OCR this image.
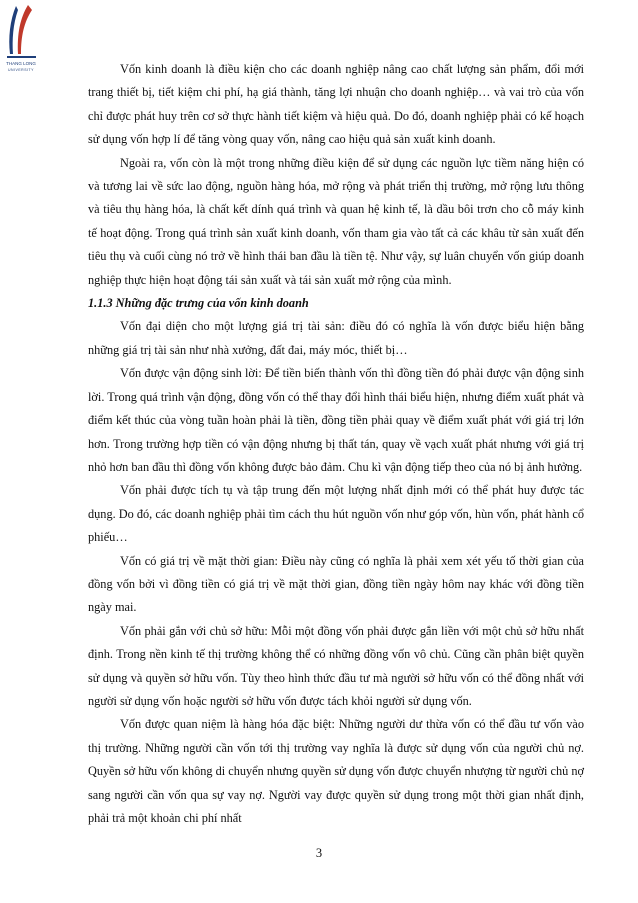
THANG LONG
UNIVERSITY	Vốn kinh doanh là điều kiện cho các doanh nghiệp nâng cao chất lượng sản phẩm, đổi mới trang thiết bị, tiết kiệm chi phí, hạ giá thành, tăng lợi nhuận cho doanh nghiệp… và vai trò của vốn chỉ được phát huy trên cơ sở thực hành tiết kiệm và hiệu quả. Do đó, doanh nghiệp phải có kế hoạch sử dụng vốn hợp lí để tăng vòng quay vốn, nâng cao hiệu quả sản xuất kinh doanh.

Ngoài ra, vốn còn là một trong những điều kiện để sử dụng các nguồn lực tiềm năng hiện có và tương lai về sức lao động, nguồn hàng hóa, mở rộng và phát triển thị trường, mở rộng lưu thông và tiêu thụ hàng hóa, là chất kết dính quá trình và quan hệ kinh tế, là dầu bôi trơn cho cỗ máy kinh tế hoạt động. Trong quá trình sản xuất kinh doanh, vốn tham gia vào tất cả các khâu từ sản xuất đến tiêu thụ và cuối cùng nó trở về hình thái ban đầu là tiền tệ. Như vậy, sự luân chuyển vốn giúp doanh nghiệp thực hiện hoạt động tái sản xuất và tái sản xuất mở rộng của mình.

1.1.3 Những đặc trưng của vốn kinh doanh

Vốn đại diện cho một lượng giá trị tài sản: điều đó có nghĩa là vốn được biểu hiện bằng những giá trị tài sản như nhà xưởng, đất đai, máy móc, thiết bị…

Vốn được vận động sinh lời: Để tiền biến thành vốn thì đồng tiền đó phải được vận động sinh lời. Trong quá trình vận động, đồng vốn có thể thay đổi hình thái biểu hiện, nhưng điểm xuất phát và điểm kết thúc của vòng tuần hoàn phải là tiền, đồng tiền phải quay về điểm xuất phát với giá trị lớn hơn. Trong trường hợp tiền có vận động nhưng bị thất tán, quay về vạch xuất phát nhưng với giá trị nhỏ hơn ban đầu thì đồng vốn không được bảo đảm. Chu kì vận động tiếp theo của nó bị ảnh hưởng.

Vốn phải được tích tụ và tập trung đến một lượng nhất định mới có thể phát huy được tác dụng. Do đó, các doanh nghiệp phải tìm cách thu hút nguồn vốn như góp vốn, hùn vốn, phát hành cổ phiếu…

Vốn có giá trị về mặt thời gian: Điều này cũng có nghĩa là phải xem xét yếu tố thời gian của đồng vốn bởi vì đồng tiền có giá trị về mặt thời gian, đồng tiền ngày hôm nay khác với đồng tiền ngày mai.

Vốn phải gắn với chủ sở hữu: Mỗi một đồng vốn phải được gắn liền với một chủ sở hữu nhất định. Trong nền kinh tế thị trường không thể có những đồng vốn vô chủ. Cũng cần phân biệt quyền sử dụng và quyền sở hữu vốn. Tùy theo hình thức đầu tư mà người sở hữu vốn có thể đồng nhất với người sử dụng vốn hoặc người sở hữu vốn được tách khỏi người sử dụng vốn.

Vốn được quan niệm là hàng hóa đặc biệt: Những người dư thừa vốn có thể đầu tư vốn vào thị trường. Những người cần vốn tới thị trường vay nghĩa là được sử dụng vốn của người chủ nợ. Quyền sở hữu vốn không di chuyển nhưng quyền sử dụng vốn được chuyển nhượng từ người chủ nợ sang người cần vốn qua sự vay nợ. Người vay được quyền sử dụng trong một thời gian nhất định, phải trả một khoản chi phí nhất

3
